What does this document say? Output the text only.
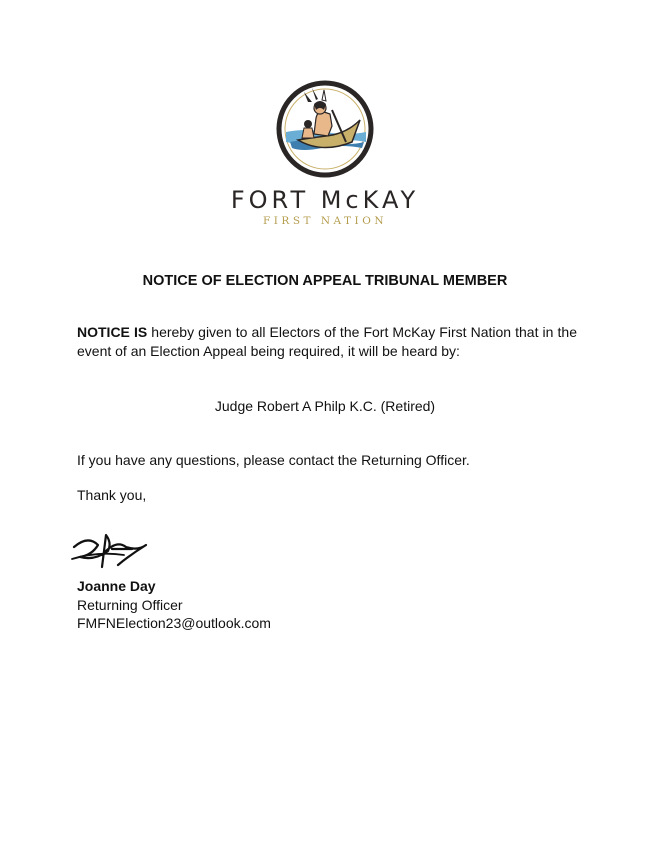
FORT McKAY
FIRST NATION
NOTICE OF ELECTION APPEAL TRIBUNAL MEMBER
NOTICE IS hereby given to all Electors of the Fort McKay First Nation that in the event of an Election Appeal being required, it will be heard by:
Judge Robert A Philp K.C. (Retired)
If you have any questions, please contact the Returning Officer.
Thank you,
Joanne Day
Returning Officer
FMFNElection23@outlook.com
